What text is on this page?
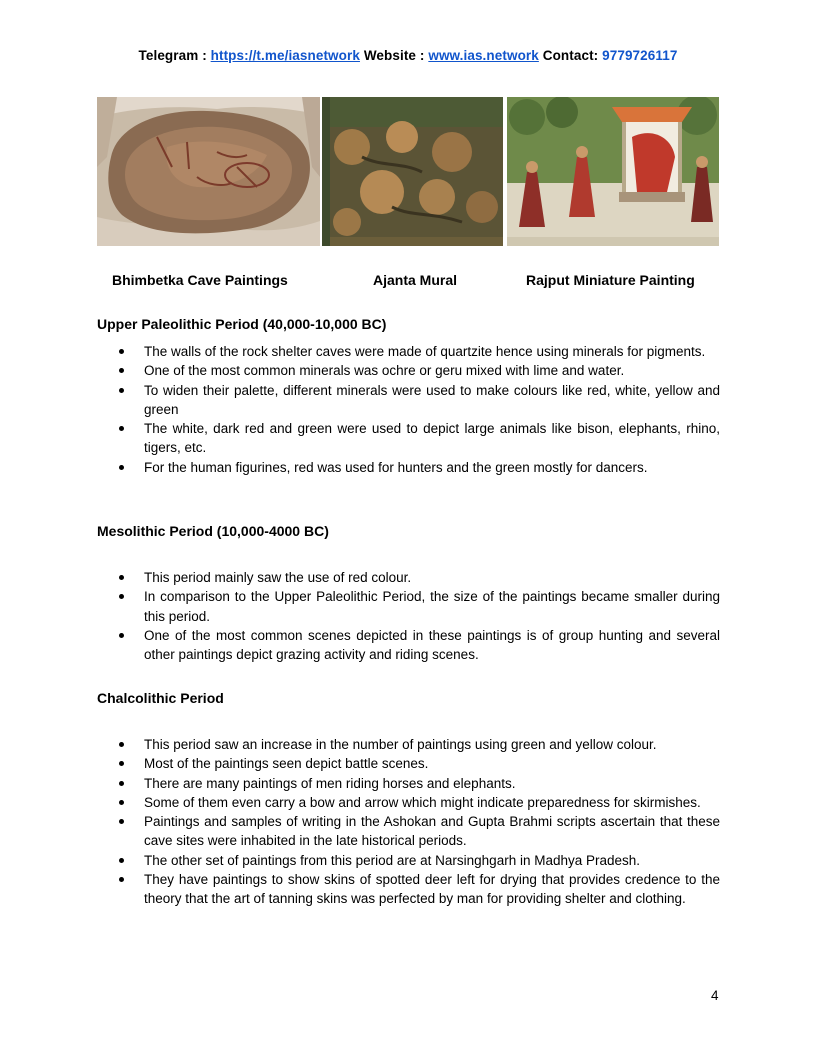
Telegram : https://t.me/iasnetwork Website : www.ias.network Contact: 9779726117
Bhimbetka Cave Paintings	Ajanta Mural	Rajput Miniature Painting
Upper Paleolithic Period (40,000-10,000 BC)
The walls of the rock shelter caves were made of quartzite hence using minerals for pigments.
One of the most common minerals was ochre or geru mixed with lime and water.
To widen their palette, different minerals were used to make colours like red, white, yellow and green
The white, dark red and green were used to depict large animals like bison, elephants, rhino, tigers, etc.
For the human figurines, red was used for hunters and the green mostly for dancers.
Mesolithic Period (10,000-4000 BC)
This period mainly saw the use of red colour.
In comparison to the Upper Paleolithic Period, the size of the paintings became smaller during this period.
One of the most common scenes depicted in these paintings is of group hunting and several other paintings depict grazing activity and riding scenes.
Chalcolithic Period
This period saw an increase in the number of paintings using green and yellow colour.
Most of the paintings seen depict battle scenes.
There are many paintings of men riding horses and elephants.
Some of them even carry a bow and arrow which might indicate preparedness for skirmishes.
Paintings and samples of writing in the Ashokan and Gupta Brahmi scripts ascertain that these cave sites were inhabited in the late historical periods.
The other set of paintings from this period are at Narsinghgarh in Madhya Pradesh.
They have paintings to show skins of spotted deer left for drying that provides credence to the theory that the art of tanning skins was perfected by man for providing shelter and clothing.
4
